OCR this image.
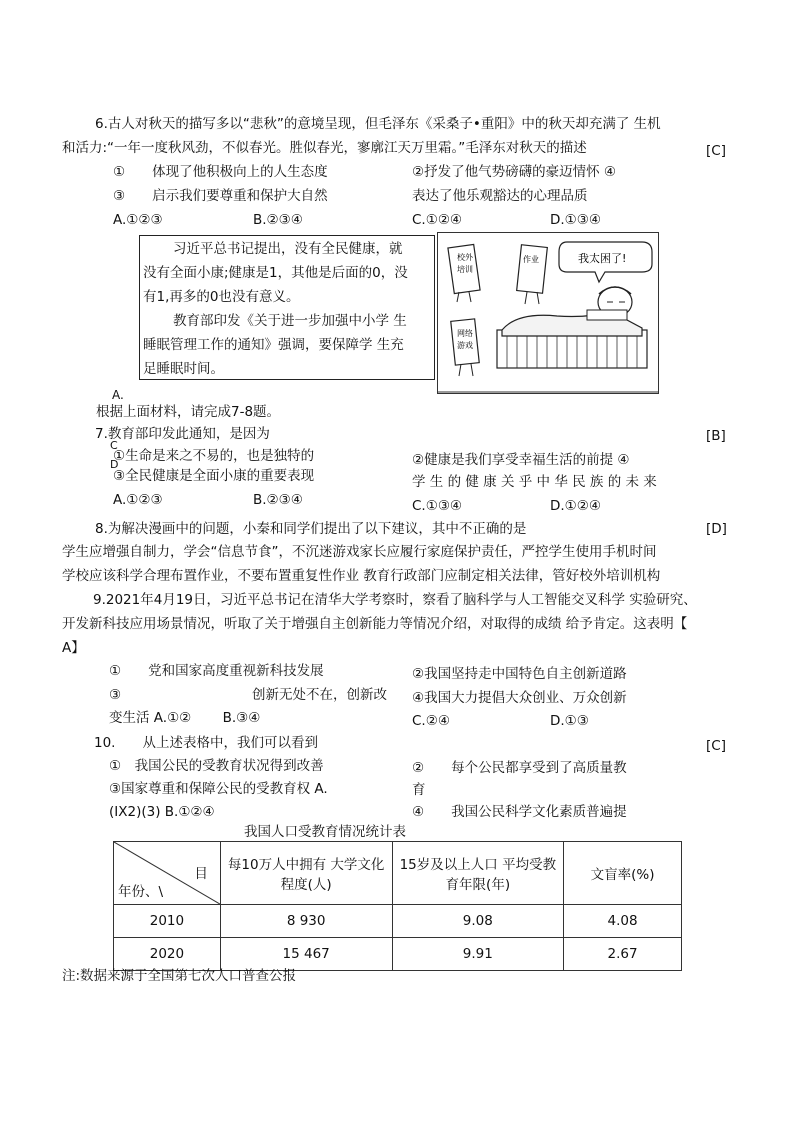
6.古人对秋天的描写多以“悲秋”的意境呈现，但毛泽东《采桑子•重阳》中的秋天却充满了 生机
和活力:“一年一度秋风劲，不似春光。胜似春光，寥廓江天万里霜。”毛泽东对秋天的描述	[C]
①　　体现了他积极向上的人生态度	②抒发了他气势磅礴的豪迈情怀 ④
③　　启示我们要尊重和保护大自然	表达了他乐观豁达的心理品质
A.①②③	B.②③④	C.①②④	D.①③④
习近平总书记提出，没有全民健康，就
没有全面小康;健康是1，其他是后面的0，没
有1,再多的0也没有意义。
教育部印发《关于进一步加强中小学 生
睡眠管理工作的通知》强调，要保障学 生充
足睡眠时间。
校外
培训
作业
网络
游戏
我太困了!
A.
根据上面材料，请完成7-8题。
7.教育部印发此通知，是因为	[B]
C
①生命是来之不易的，也是独特的	②健康是我们享受幸福生活的前提 ④
D
③全民健康是全面小康的重要表现	学 生 的 健 康 关 乎 中 华 民 族 的 未 来
A.①②③	B.②③④	C.①③④	D.①②④
8.为解决漫画中的问题，小秦和同学们提出了以下建议，其中不正确的是	[D]
学生应增强自制力，学会“信息节食”，不沉迷游戏家长应履行家庭保护责任，严控学生使用手机时间
学校应该科学合理布置作业，不要布置重复性作业 教育行政部门应制定相关法律，管好校外培训机构
9.2021年4月19日，习近平总书记在清华大学考察时，察看了脑科学与人工智能交叉科学 实验研究、
开发新科技应用场景情况，听取了关于增强自主创新能力等情况介绍，对取得的成绩 给予肯定。这表明【
A】
①　　党和国家高度重视新科技发展	②我国坚持走中国特色自主创新道路
③	创新无处不在，创新改 ④我国大力提倡大众创业、万众创新
变生活 A.①②　　 B.③④	C.②④	D.①③
10.　　从上述表格中，我们可以看到	[C]
①　我国公民的受教育状况得到改善	②　　每个公民都享受到了高质量教
③国家尊重和保障公民的受教育权 A.	育
(IX2)(3) B.①②④	④　　我国公民科学文化素质普遍提
我国人口受教育情况统计表
目
年份、\	每10万人中拥有 大学文化程度(人)	15岁及以上人口 平均受教育年限(年)	文盲率(%)
2010	8 930	9.08	4.08
2020	15 467	9.91	2.67
注:数据来源于全国第七次人口普查公报
